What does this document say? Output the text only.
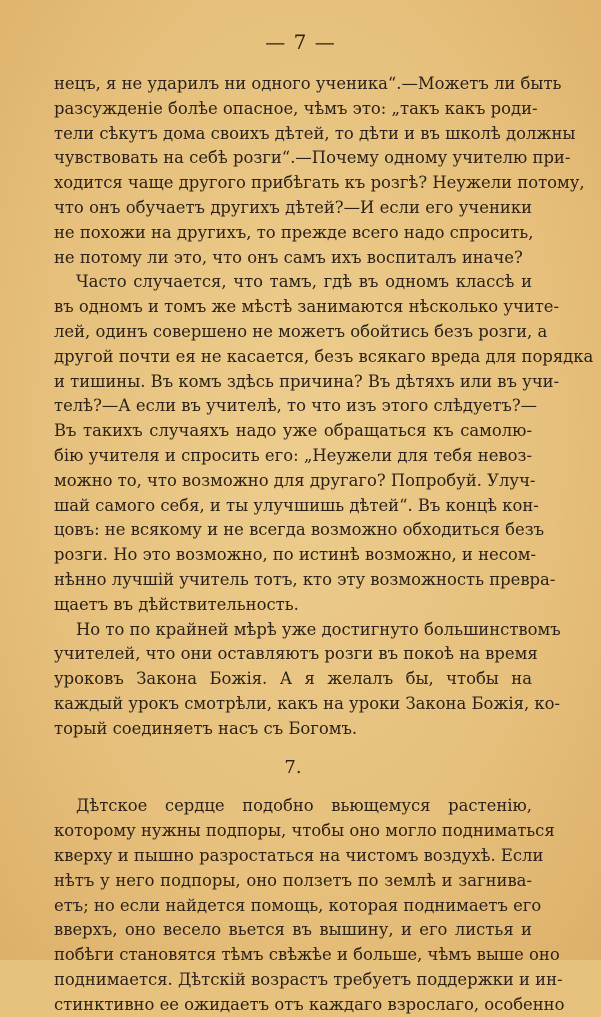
— 7 —
нецъ, я не ударилъ ни одного ученика“.—Можетъ ли быть
разсужденіе болѣе опасное, чѣмъ это: „такъ какъ роди-
тели сѣкутъ дома своихъ дѣтей, то дѣти и въ школѣ должны
чувствовать на себѣ розги“.—Почему одному учителю при-
ходится чаще другого прибѣгать къ розгѣ? Неужели потому,
что онъ обучаетъ другихъ дѣтей?—И если его ученики
не похожи на другихъ, то прежде всего надо спросить,
не потому ли это, что онъ самъ ихъ воспиталъ иначе?
Часто случается, что тамъ, гдѣ въ одномъ классѣ и
въ одномъ и томъ же мѣстѣ занимаются нѣсколько учите-
лей, одинъ совершено не можетъ обойтись безъ розги, а
другой почти ея не касается, безъ всякаго вреда для порядка
и тишины. Въ комъ здѣсь причина? Въ дѣтяхъ или въ учи-
телѣ?—А если въ учителѣ, то что изъ этого слѣдуетъ?—
Въ такихъ случаяхъ надо уже обращаться къ самолю-
бію учителя и спросить его: „Неужели для тебя невоз-
можно то, что возможно для другаго? Попробуй. Улуч-
шай самого себя, и ты улучшишь дѣтей“. Въ концѣ кон-
цовъ: не всякому и не всегда возможно обходиться безъ
розги. Но это возможно, по истинѣ возможно, и несом-
нѣнно лучшій учитель тотъ, кто эту возможность превра-
щаетъ въ дѣйствительность.
Но то по крайней мѣрѣ уже достигнуто большинствомъ
учителей, что они оставляютъ розги въ покоѣ на время
уроковъ Закона Божія. А я желалъ бы, чтобы на
каждый урокъ смотрѣли, какъ на уроки Закона Божія, ко-
торый соединяетъ насъ съ Богомъ.
7.
Дѣтское сердце подобно вьющемуся растенію,
которому нужны подпоры, чтобы оно могло подниматься
кверху и пышно разростаться на чистомъ воздухѣ. Если
нѣтъ у него подпоры, оно ползетъ по землѣ и загнива-
етъ; но если найдется помощь, которая поднимаетъ его
вверхъ, оно весело вьется въ вышину, и его листья и
побѣги становятся тѣмъ свѣжѣе и больше, чѣмъ выше оно
поднимается. Дѣтскій возрастъ требуетъ поддержки и ин-
стинктивно ее ожидаетъ отъ каждаго взрослаго, особенно
